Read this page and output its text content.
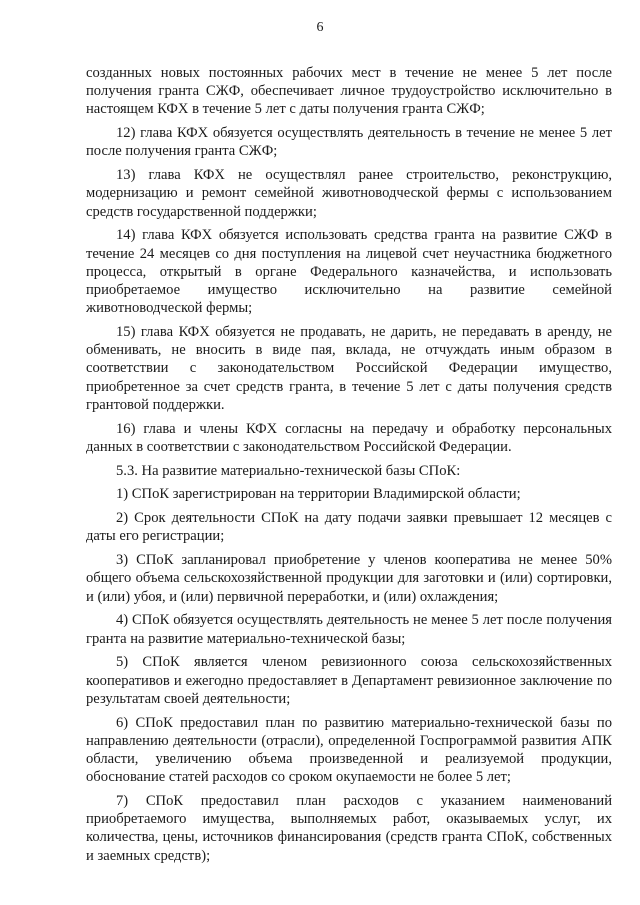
6

созданных новых постоянных рабочих мест в течение не менее 5 лет после получения гранта СЖФ, обеспечивает личное трудоустройство исключительно в настоящем КФХ в течение 5 лет с даты получения гранта СЖФ;

12) глава КФХ обязуется осуществлять деятельность в течение не менее 5 лет после получения гранта СЖФ;

13) глава КФХ не осуществлял ранее строительство, реконструкцию, модернизацию и ремонт семейной животноводческой фермы с использованием средств государственной поддержки;

14) глава КФХ обязуется использовать средства гранта на развитие СЖФ в течение 24 месяцев со дня поступления на лицевой счет неучастника бюджетного процесса, открытый в органе Федерального казначейства, и использовать приобретаемое имущество исключительно на развитие семейной животноводческой фермы;

15) глава КФХ обязуется не продавать, не дарить, не передавать в аренду, не обменивать, не вносить в виде пая, вклада, не отчуждать иным образом в соответствии с законодательством Российской Федерации имущество, приобретенное за счет средств гранта, в течение 5 лет с даты получения средств грантовой поддержки.

16) глава и члены КФХ согласны на передачу и обработку персональных данных в соответствии с законодательством Российской Федерации.

5.3. На развитие материально-технической базы СПоК:

1) СПоК зарегистрирован на территории Владимирской области;

2) Срок деятельности СПоК на дату подачи заявки превышает 12 месяцев с даты его регистрации;

3) СПоК запланировал приобретение у членов кооператива не менее 50% общего объема сельскохозяйственной продукции для заготовки и (или) сортировки, и (или) убоя, и (или) первичной переработки, и (или) охлаждения;

4) СПоК обязуется осуществлять деятельность не менее 5 лет после получения гранта на развитие материально-технической базы;

5) СПоК является членом ревизионного союза сельскохозяйственных кооперативов и ежегодно предоставляет в Департамент ревизионное заключение по результатам своей деятельности;

6) СПоК предоставил план по развитию материально-технической базы по направлению деятельности (отрасли), определенной Госпрограммой развития АПК области, увеличению объема произведенной и реализуемой продукции, обоснование статей расходов со сроком окупаемости не более 5 лет;

7) СПоК предоставил план расходов с указанием наименований приобретаемого имущества, выполняемых работ, оказываемых услуг, их количества, цены, источников финансирования (средств гранта СПоК, собственных и заемных средств);
